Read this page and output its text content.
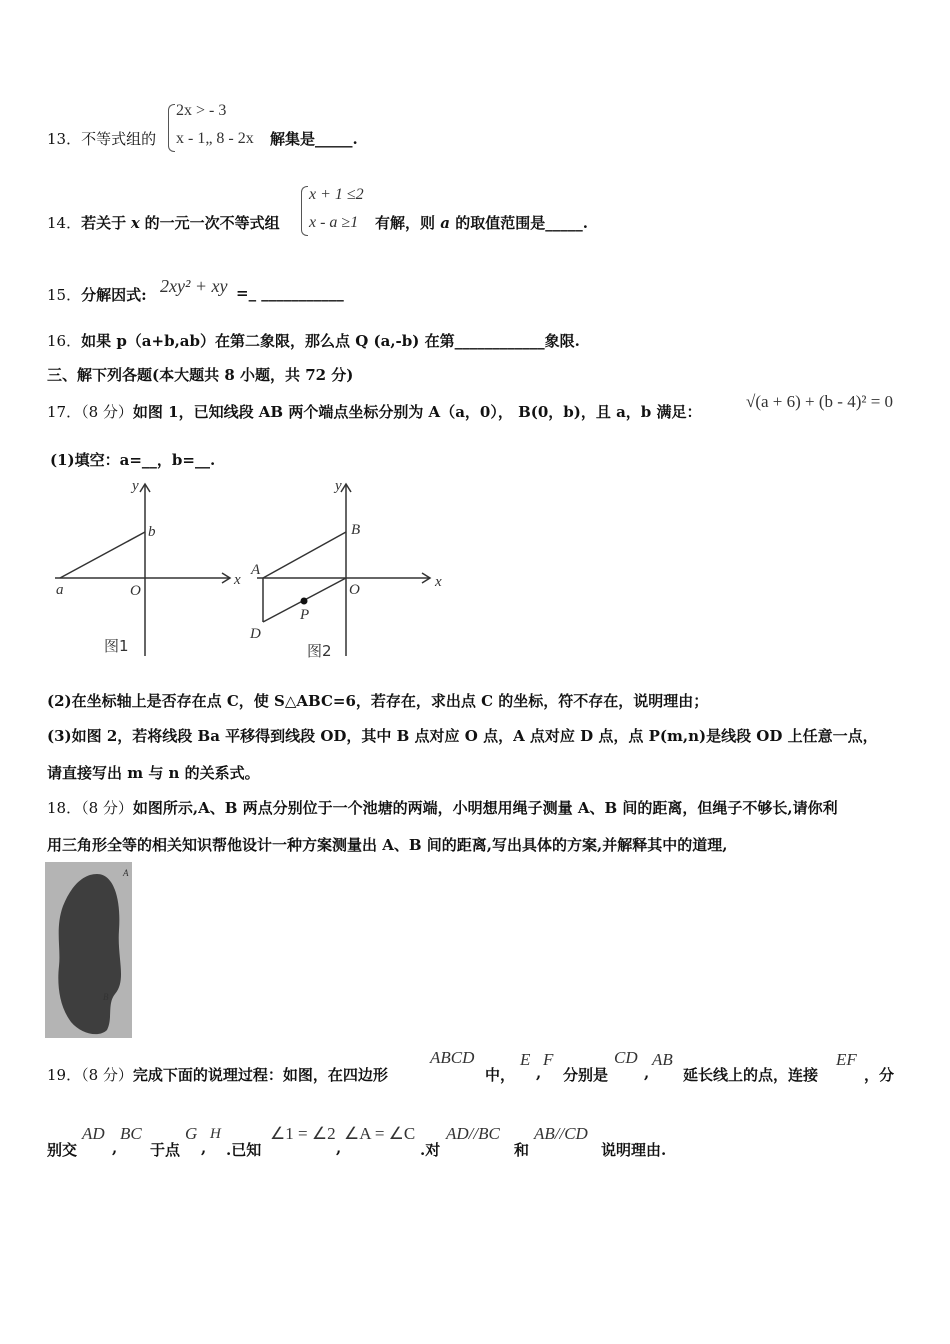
13．不等式组的
2x > - 3
x - 1„ 8 - 2x 解集是_____.
14．若关于 x 的一元一次不等式组
x + 1 ≤2
x - a ≥1 有解，则 a 的取值范围是_____.
15．分解因式: 2xy² + xy =_ ___________
16．如果 p（a+b,ab）在第二象限，那么点 Q (a,-b) 在第____________象限.
三、解下列各题(本大题共 8 小题，共 72 分)
17．（8 分）如图 1，已知线段 AB 两个端点坐标分别为 A（a，0）， B(0，b)，且 a，b 满足：
√(a + 6) + (b - 4)² = 0
(1)填空：a=__，b=__.
y
x
b
a	O
图1
y
x
B
A
O
D
P
图2
(2)在坐标轴上是否存在点 C，使 S△ABC=6，若存在，求出点 C 的坐标，符不存在，说明理由；
(3)如图 2，若将线段 Ba 平移得到线段 OD，其中 B 点对应 O 点，A 点对应 D 点，点 P(m,n)是线段 OD 上任意一点，
请直接写出 m 与 n 的关系式。
18．（8 分）如图所示,A、B 两点分别位于一个池塘的两端，小明想用绳子测量 A、B 间的距离，但绳子不够长,请你利
用三角形全等的相关知识帮他设计一种方案测量出 A、B 间的距离,写出具体的方案,并解释其中的道理,
A
B
19．（8 分）完成下面的说理过程：如图，在四边形
ABCD
中，
E
,
F
分别是
CD
,
AB
延长线上的点，连接
EF
，分
别交
AD
,
BC
于点
G
,
H
.已知
∠1 = ∠2
,
∠A = ∠C
.对
AD//BC
和
AB//CD
说明理由.
